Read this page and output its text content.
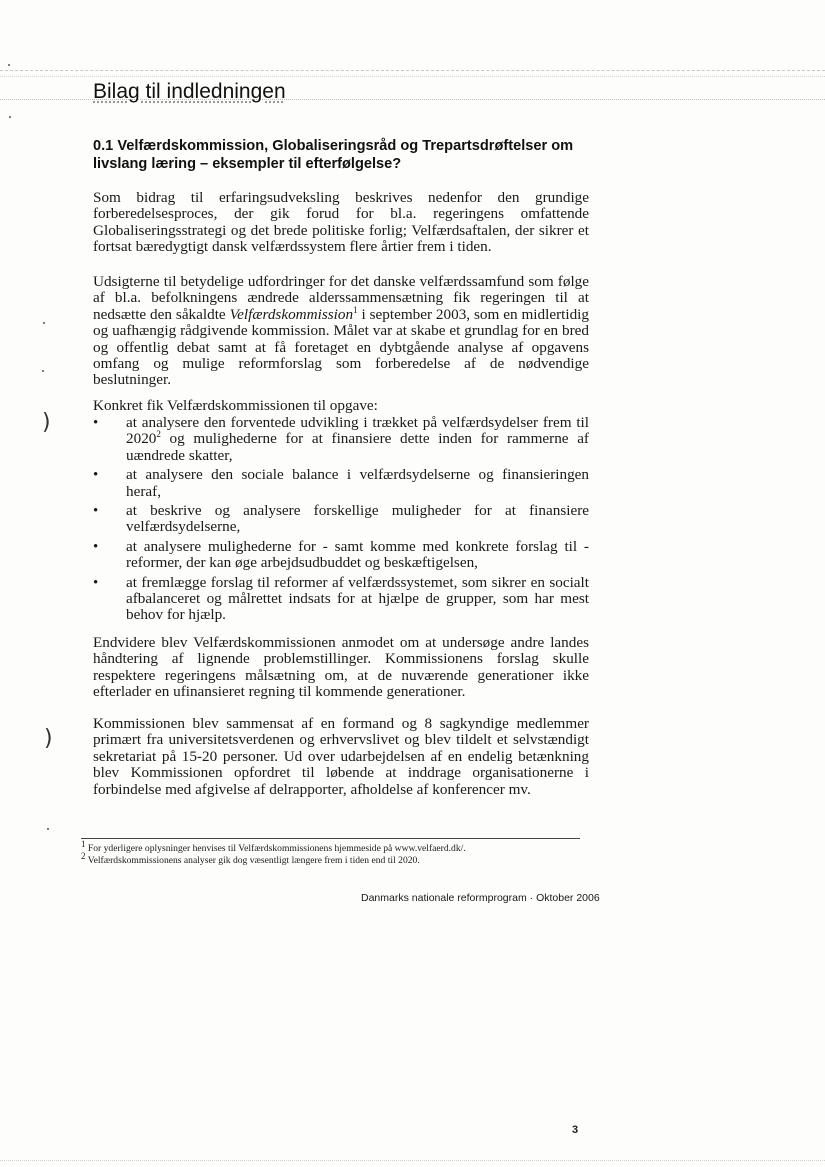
Bilag til indledningen
0.1 Velfærdskommission, Globaliseringsråd og Trepartsdrøftelser om livslang læring – eksempler til efterfølgelse?

Som bidrag til erfaringsudveksling beskrives nedenfor den grundige forberedelsesproces, der gik forud for bl.a. regeringens omfattende Globaliseringsstrategi og det brede politiske forlig; Velfærdsaftalen, der sikrer et fortsat bæredygtigt dansk velfærdssystem flere årtier frem i tiden.

Udsigterne til betydelige udfordringer for det danske velfærdssamfund som følge af bl.a. befolkningens ændrede alderssammensætning fik regeringen til at nedsætte den såkaldte Velfærdskommission$^1$ i september 2003, som en midlertidig og uafhængig rådgivende kommission. Målet var at skabe et grundlag for en bred og offentlig debat samt at få foretaget en dybtgående analyse af opgavens omfang og mulige reformforslag som forberedelse af de nødvendige beslutninger.

Konkret fik Velfærdskommissionen til opgave:

•	at analysere den forventede udvikling i trækket på velfærdsydelser frem til 2020$^2$ og mulighederne for at finansiere dette inden for rammerne af uændrede skatter,
•	at analysere den sociale balance i velfærdsydelserne og finansieringen heraf,
•	at beskrive og analysere forskellige muligheder for at finansiere velfærdsydelserne,
•	at analysere mulighederne for - samt komme med konkrete forslag til - reformer, der kan øge arbejdsudbuddet og beskæftigelsen,
•	at fremlægge forslag til reformer af velfærdssystemet, som sikrer en socialt afbalanceret og målrettet indsats for at hjælpe de grupper, som har mest behov for hjælp.

Endvidere blev Velfærdskommissionen anmodet om at undersøge andre landes håndtering af lignende problemstillinger. Kommissionens forslag skulle respektere regeringens målsætning om, at de nuværende generationer ikke efterlader en ufinansieret regning til kommende generationer.

Kommissionen blev sammensat af en formand og 8 sagkyndige medlemmer primært fra universitetsverdenen og erhvervslivet og blev tildelt et selvstændigt sekretariat på 15-20 personer. Ud over udarbejdelsen af en endelig betænkning blev Kommissionen opfordret til løbende at inddrage organisationerne i forbindelse med afgivelse af delrapporter, afholdelse af konferencer mv.

$^1$ For yderligere oplysninger henvises til Velfærdskommissionens hjemmeside på www.velfaerd.dk/.

$^2$ Velfærdskommissionens analyser gik dog væsentligt længere frem i tiden end til 2020.

Danmarks nationale reformprogram · Oktober 2006

3

)
)
